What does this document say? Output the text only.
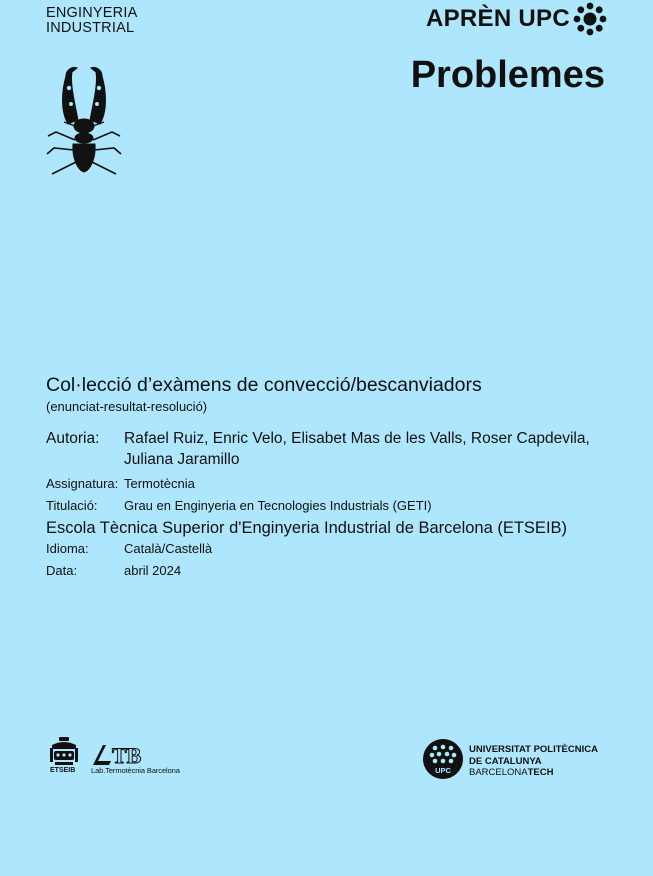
ENGINYERIA
INDUSTRIAL	APRÈN UPC
Problemes
Col·lecció d’exàmens de convecció/bescanviadors
(enunciat-resultat-resolució)
Autoria:	Rafael Ruiz, Enric Velo, Elisabet Mas de les Valls, Roser Capdevila, Juliana Jaramillo
Assignatura: Termotècnia
Titulació:	Grau en Enginyeria en Tecnologies Industrials (GETI)
Escola Tècnica Superior d'Enginyeria Industrial de Barcelona (ETSEIB)
Idioma:	Català/Castellà
Data:	abril 2024
ETSEIB
TB
Lab.Termotècnia Barcelona	UPC
UNIVERSITAT POLITÈCNICA
DE CATALUNYA
BARCELONATECH
